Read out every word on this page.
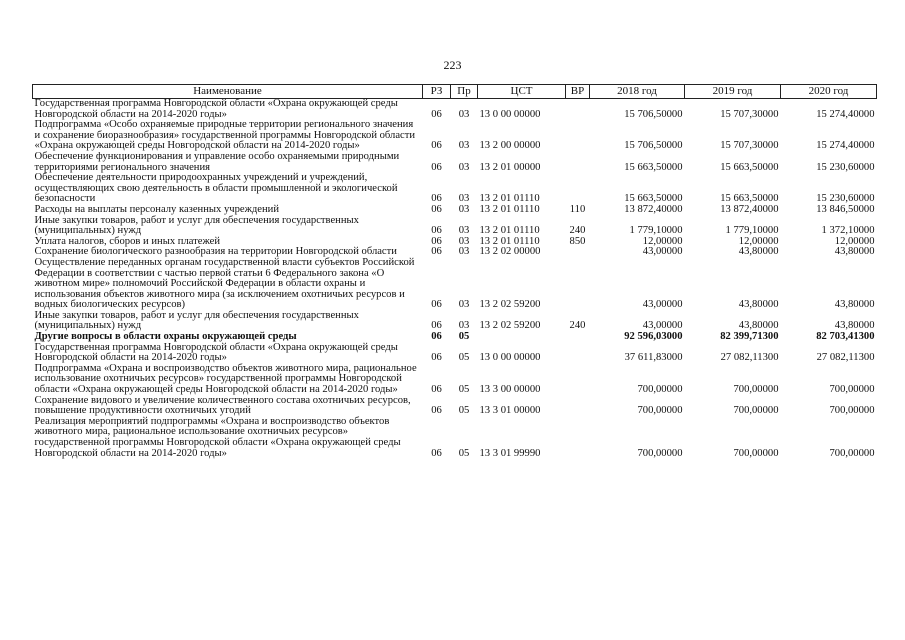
223
Наименование	РЗ	Пр	ЦСТ	ВР	2018 год	2019 год	2020 год
Государственная программа Новгородской области «Охрана окружающей среды Новгородской области на 2014-2020 годы»	06	03	13 0 00 00000		15 706,50000	15 707,30000	15 274,40000
Подпрограмма «Особо охраняемые природные территории регионального значения и сохранение биоразнообразия» государственной программы Новгородской области «Охрана окружающей среды Новгородской области на 2014-2020 годы»	06	03	13 2 00 00000		15 706,50000	15 707,30000	15 274,40000
Обеспечение функционирования и управление особо охраняемыми природными территориями регионального значения	06	03	13 2 01 00000		15 663,50000	15 663,50000	15 230,60000
Обеспечение деятельности природоохранных учреждений и учреждений, осуществляющих свою деятельность в области промышленной и экологической безопасности	06	03	13 2 01 01110		15 663,50000	15 663,50000	15 230,60000
Расходы на выплаты персоналу казенных учреждений	06	03	13 2 01 01110	110	13 872,40000	13 872,40000	13 846,50000
Иные закупки товаров, работ и услуг для обеспечения государственных (муниципальных) нужд	06	03	13 2 01 01110	240	1 779,10000	1 779,10000	1 372,10000
Уплата налогов, сборов и иных платежей	06	03	13 2 01 01110	850	12,00000	12,00000	12,00000
Сохранение биологического разнообразия на территории Новгородской области	06	03	13 2 02 00000		43,00000	43,80000	43,80000
Осуществление переданных органам государственной власти субъектов Российской Федерации в соответствии с частью первой статьи 6 Федерального закона «О животном мире» полномочий Российской Федерации в области охраны и использования объектов животного мира (за исключением охотничьих ресурсов и водных биологических ресурсов)	06	03	13 2 02 59200		43,00000	43,80000	43,80000
Иные закупки товаров, работ и услуг для обеспечения государственных (муниципальных) нужд	06	03	13 2 02 59200	240	43,00000	43,80000	43,80000
Другие вопросы в области охраны окружающей среды	06	05			92 596,03000	82 399,71300	82 703,41300
Государственная программа Новгородской области «Охрана окружающей среды Новгородской области на 2014-2020 годы»	06	05	13 0 00 00000		37 611,83000	27 082,11300	27 082,11300
Подпрограмма «Охрана и воспроизводство объектов животного мира, рациональное использование охотничьих ресурсов» государственной программы Новгородской области «Охрана окружающей среды Новгородской области на 2014-2020 годы»	06	05	13 3 00 00000		700,00000	700,00000	700,00000
Сохранение видового и увеличение количественного состава охотничьих ресурсов, повышение продуктивности охотничьих угодий	06	05	13 3 01 00000		700,00000	700,00000	700,00000
Реализация мероприятий подпрограммы «Охрана и воспроизводство объектов животного мира, рациональное использование охотничьих ресурсов» государственной программы Новгородской области «Охрана окружающей среды Новгородской области на 2014-2020 годы»	06	05	13 3 01 99990		700,00000	700,00000	700,00000
